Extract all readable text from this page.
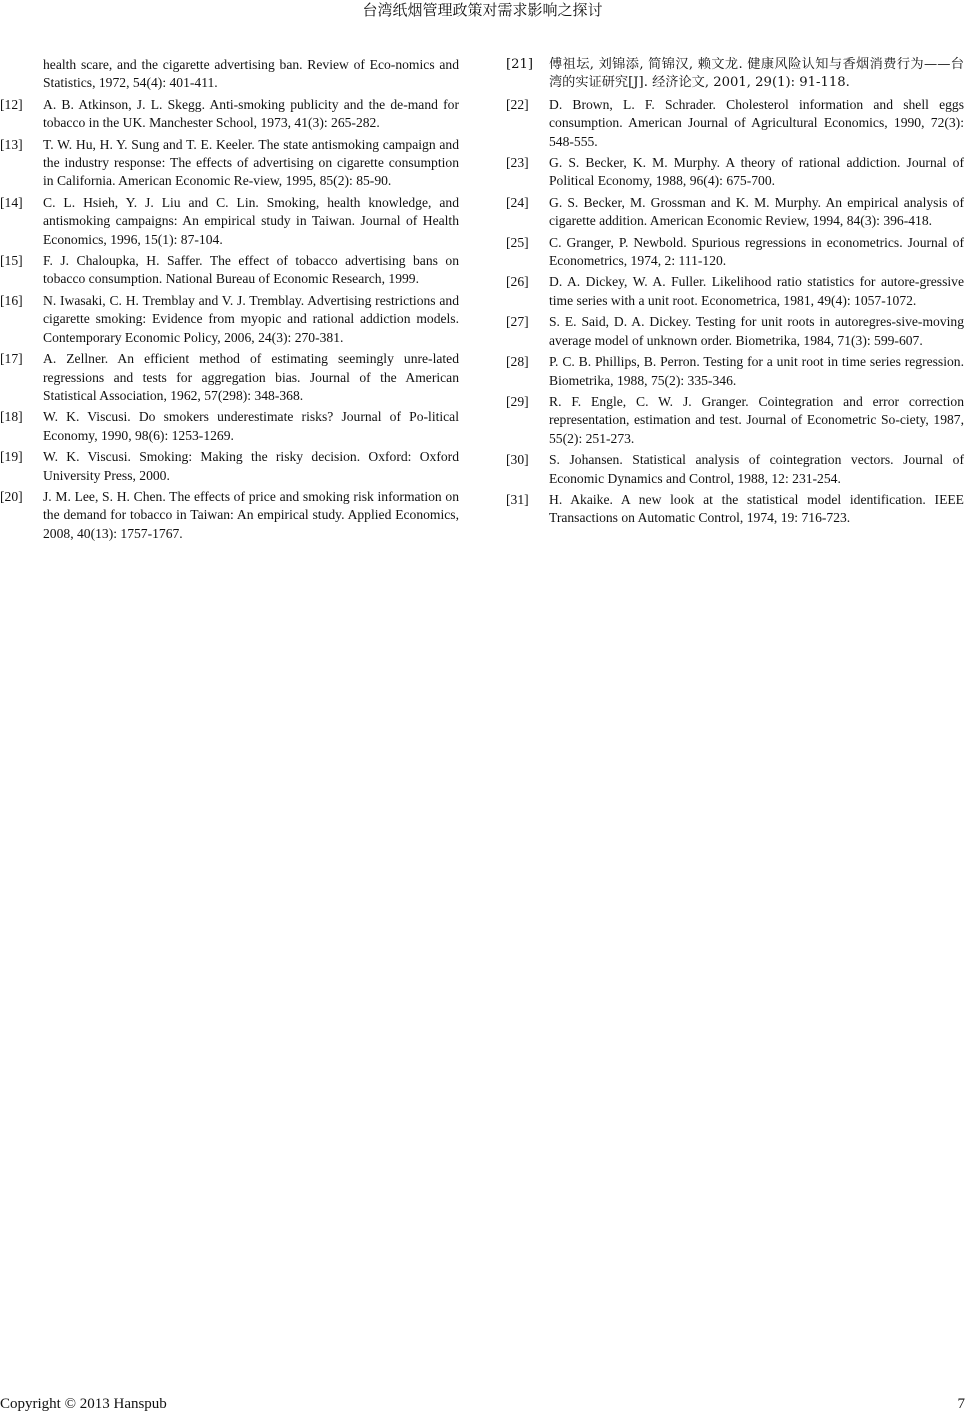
台湾纸烟管理政策对需求影响之探讨
health scare, and the cigarette advertising ban. Review of Eco-nomics and Statistics, 1972, 54(4): 401-411.
[12] A. B. Atkinson, J. L. Skegg. Anti-smoking publicity and the de-mand for tobacco in the UK. Manchester School, 1973, 41(3): 265-282.
[13] T. W. Hu, H. Y. Sung and T. E. Keeler. The state antismoking campaign and the industry response: The effects of advertising on cigarette consumption in California. American Economic Re-view, 1995, 85(2): 85-90.
[14] C. L. Hsieh, Y. J. Liu and C. Lin. Smoking, health knowledge, and antismoking campaigns: An empirical study in Taiwan. Journal of Health Economics, 1996, 15(1): 87-104.
[15] F. J. Chaloupka, H. Saffer. The effect of tobacco advertising bans on tobacco consumption. National Bureau of Economic Research, 1999.
[16] N. Iwasaki, C. H. Tremblay and V. J. Tremblay. Advertising restrictions and cigarette smoking: Evidence from myopic and rational addiction models. Contemporary Economic Policy, 2006, 24(3): 270-381.
[17] A. Zellner. An efficient method of estimating seemingly unre-lated regressions and tests for aggregation bias. Journal of the American Statistical Association, 1962, 57(298): 348-368.
[18] W. K. Viscusi. Do smokers underestimate risks? Journal of Po-litical Economy, 1990, 98(6): 1253-1269.
[19] W. K. Viscusi. Smoking: Making the risky decision. Oxford: Oxford University Press, 2000.
[20] J. M. Lee, S. H. Chen. The effects of price and smoking risk information on the demand for tobacco in Taiwan: An empirical study. Applied Economics, 2008, 40(13): 1757-1767.
[21] 傅祖坛, 刘锦添, 简锦汉, 赖文龙. 健康风险认知与香烟消费行为——台湾的实证研究[J]. 经济论文, 2001, 29(1): 91-118.
[22] D. Brown, L. F. Schrader. Cholesterol information and shell eggs consumption. American Journal of Agricultural Economics, 1990, 72(3): 548-555.
[23] G. S. Becker, K. M. Murphy. A theory of rational addiction. Journal of Political Economy, 1988, 96(4): 675-700.
[24] G. S. Becker, M. Grossman and K. M. Murphy. An empirical analysis of cigarette addition. American Economic Review, 1994, 84(3): 396-418.
[25] C. Granger, P. Newbold. Spurious regressions in econometrics. Journal of Econometrics, 1974, 2: 111-120.
[26] D. A. Dickey, W. A. Fuller. Likelihood ratio statistics for autore-gressive time series with a unit root. Econometrica, 1981, 49(4): 1057-1072.
[27] S. E. Said, D. A. Dickey. Testing for unit roots in autoregres-sive-moving average model of unknown order. Biometrika, 1984, 71(3): 599-607.
[28] P. C. B. Phillips, B. Perron. Testing for a unit root in time series regression. Biometrika, 1988, 75(2): 335-346.
[29] R. F. Engle, C. W. J. Granger. Cointegration and error correction representation, estimation and test. Journal of Econometric So-ciety, 1987, 55(2): 251-273.
[30] S. Johansen. Statistical analysis of cointegration vectors. Journal of Economic Dynamics and Control, 1988, 12: 231-254.
[31] H. Akaike. A new look at the statistical model identification. IEEE Transactions on Automatic Control, 1974, 19: 716-723.
Copyright © 2013 Hanspub	7
